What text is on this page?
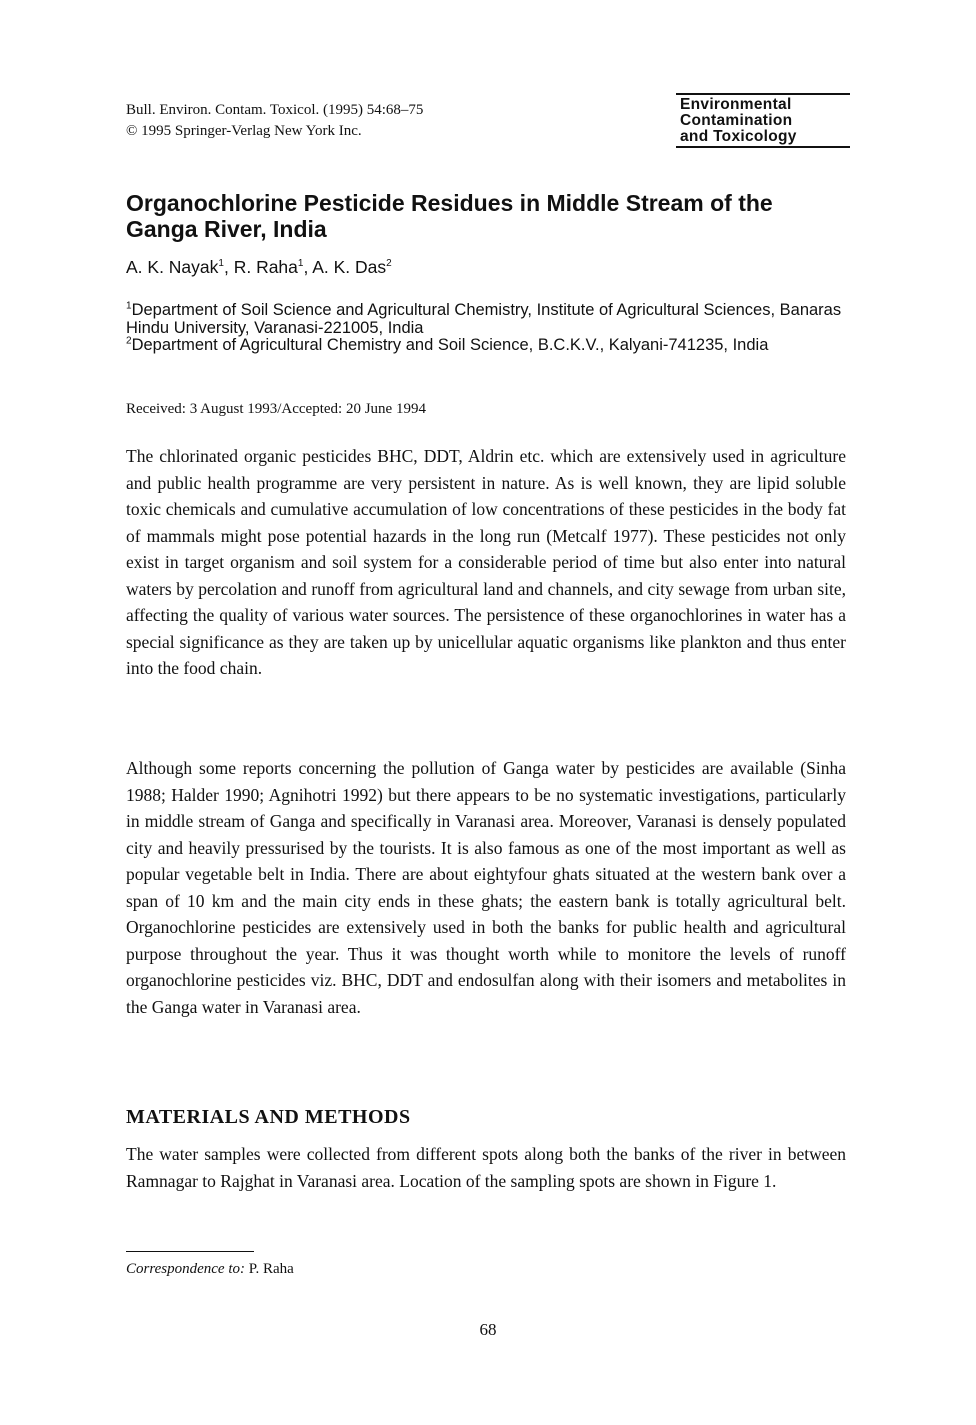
Bull. Environ. Contam. Toxicol. (1995) 54:68–75
© 1995 Springer-Verlag New York Inc.
Environmental
Contamination
and Toxicology
Organochlorine Pesticide Residues in Middle Stream of the Ganga River, India
A. K. Nayak$^1$, R. Raha$^1$, A. K. Das$^2$
$^1$Department of Soil Science and Agricultural Chemistry, Institute of Agricultural Sciences, Banaras Hindu University, Varanasi-221005, India
$^2$Department of Agricultural Chemistry and Soil Science, B.C.K.V., Kalyani-741235, India
Received: 3 August 1993/Accepted: 20 June 1994

The chlorinated organic pesticides BHC, DDT, Aldrin etc. which are extensively used in agriculture and public health programme are very persistent in nature. As is well known, they are lipid soluble toxic chemicals and cumulative accumulation of low concentrations of these pesticides in the body fat of mammals might pose potential hazards in the long run (Metcalf 1977). These pesticides not only exist in target organism and soil system for a considerable period of time but also enter into natural waters by percolation and runoff from agricultural land and channels, and city sewage from urban site, affecting the quality of various water sources. The persistence of these organochlorines in water has a special significance as they are taken up by unicellular aquatic organisms like plankton and thus enter into the food chain.

Although some reports concerning the pollution of Ganga water by pesticides are available (Sinha 1988; Halder 1990; Agnihotri 1992) but there appears to be no systematic investigations, particularly in middle stream of Ganga and specifically in Varanasi area. Moreover, Varanasi is densely populated city and heavily pressurised by the tourists. It is also famous as one of the most important as well as popular vegetable belt in India. There are about eightyfour ghats situated at the western bank over a span of 10 km and the main city ends in these ghats; the eastern bank is totally agricultural belt. Organochlorine pesticides are extensively used in both the banks for public health and agricultural purpose throughout the year. Thus it was thought worth while to monitore the levels of runoff organochlorine pesticides viz. BHC, DDT and endosulfan along with their isomers and metabolites in the Ganga water in Varanasi area.

MATERIALS AND METHODS

The water samples were collected from different spots along both the banks of the river in between Ramnagar to Rajghat in Varanasi area. Location of the sampling spots are shown in Figure 1.

Correspondence to: P. Raha
68
